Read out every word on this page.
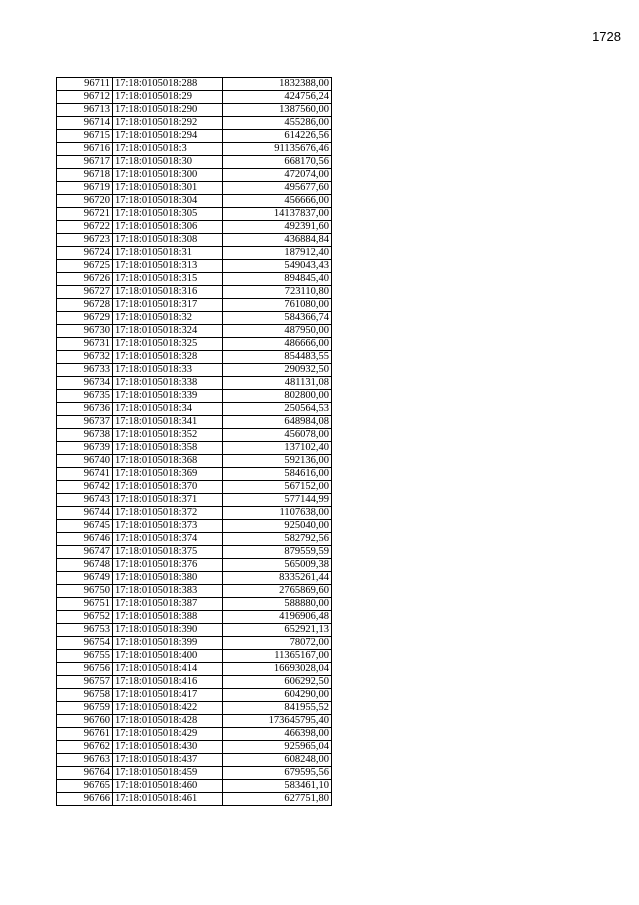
1728
96711	17:18:0105018:288	1832388,00
96712	17:18:0105018:29	424756,24
96713	17:18:0105018:290	1387560,00
96714	17:18:0105018:292	455286,00
96715	17:18:0105018:294	614226,56
96716	17:18:0105018:3	91135676,46
96717	17:18:0105018:30	668170,56
96718	17:18:0105018:300	472074,00
96719	17:18:0105018:301	495677,60
96720	17:18:0105018:304	456666,00
96721	17:18:0105018:305	14137837,00
96722	17:18:0105018:306	492391,60
96723	17:18:0105018:308	436884,84
96724	17:18:0105018:31	187912,40
96725	17:18:0105018:313	549043,43
96726	17:18:0105018:315	894845,40
96727	17:18:0105018:316	723110,80
96728	17:18:0105018:317	761080,00
96729	17:18:0105018:32	584366,74
96730	17:18:0105018:324	487950,00
96731	17:18:0105018:325	486666,00
96732	17:18:0105018:328	854483,55
96733	17:18:0105018:33	290932,50
96734	17:18:0105018:338	481131,08
96735	17:18:0105018:339	802800,00
96736	17:18:0105018:34	250564,53
96737	17:18:0105018:341	648984,08
96738	17:18:0105018:352	456078,00
96739	17:18:0105018:358	137102,40
96740	17:18:0105018:368	592136,00
96741	17:18:0105018:369	584616,00
96742	17:18:0105018:370	567152,00
96743	17:18:0105018:371	577144,99
96744	17:18:0105018:372	1107638,00
96745	17:18:0105018:373	925040,00
96746	17:18:0105018:374	582792,56
96747	17:18:0105018:375	879559,59
96748	17:18:0105018:376	565009,38
96749	17:18:0105018:380	8335261,44
96750	17:18:0105018:383	2765869,60
96751	17:18:0105018:387	588880,00
96752	17:18:0105018:388	4196906,48
96753	17:18:0105018:390	652921,13
96754	17:18:0105018:399	78072,00
96755	17:18:0105018:400	11365167,00
96756	17:18:0105018:414	16693028,04
96757	17:18:0105018:416	606292,50
96758	17:18:0105018:417	604290,00
96759	17:18:0105018:422	841955,52
96760	17:18:0105018:428	173645795,40
96761	17:18:0105018:429	466398,00
96762	17:18:0105018:430	925965,04
96763	17:18:0105018:437	608248,00
96764	17:18:0105018:459	679595,56
96765	17:18:0105018:460	583461,10
96766	17:18:0105018:461	627751,80
